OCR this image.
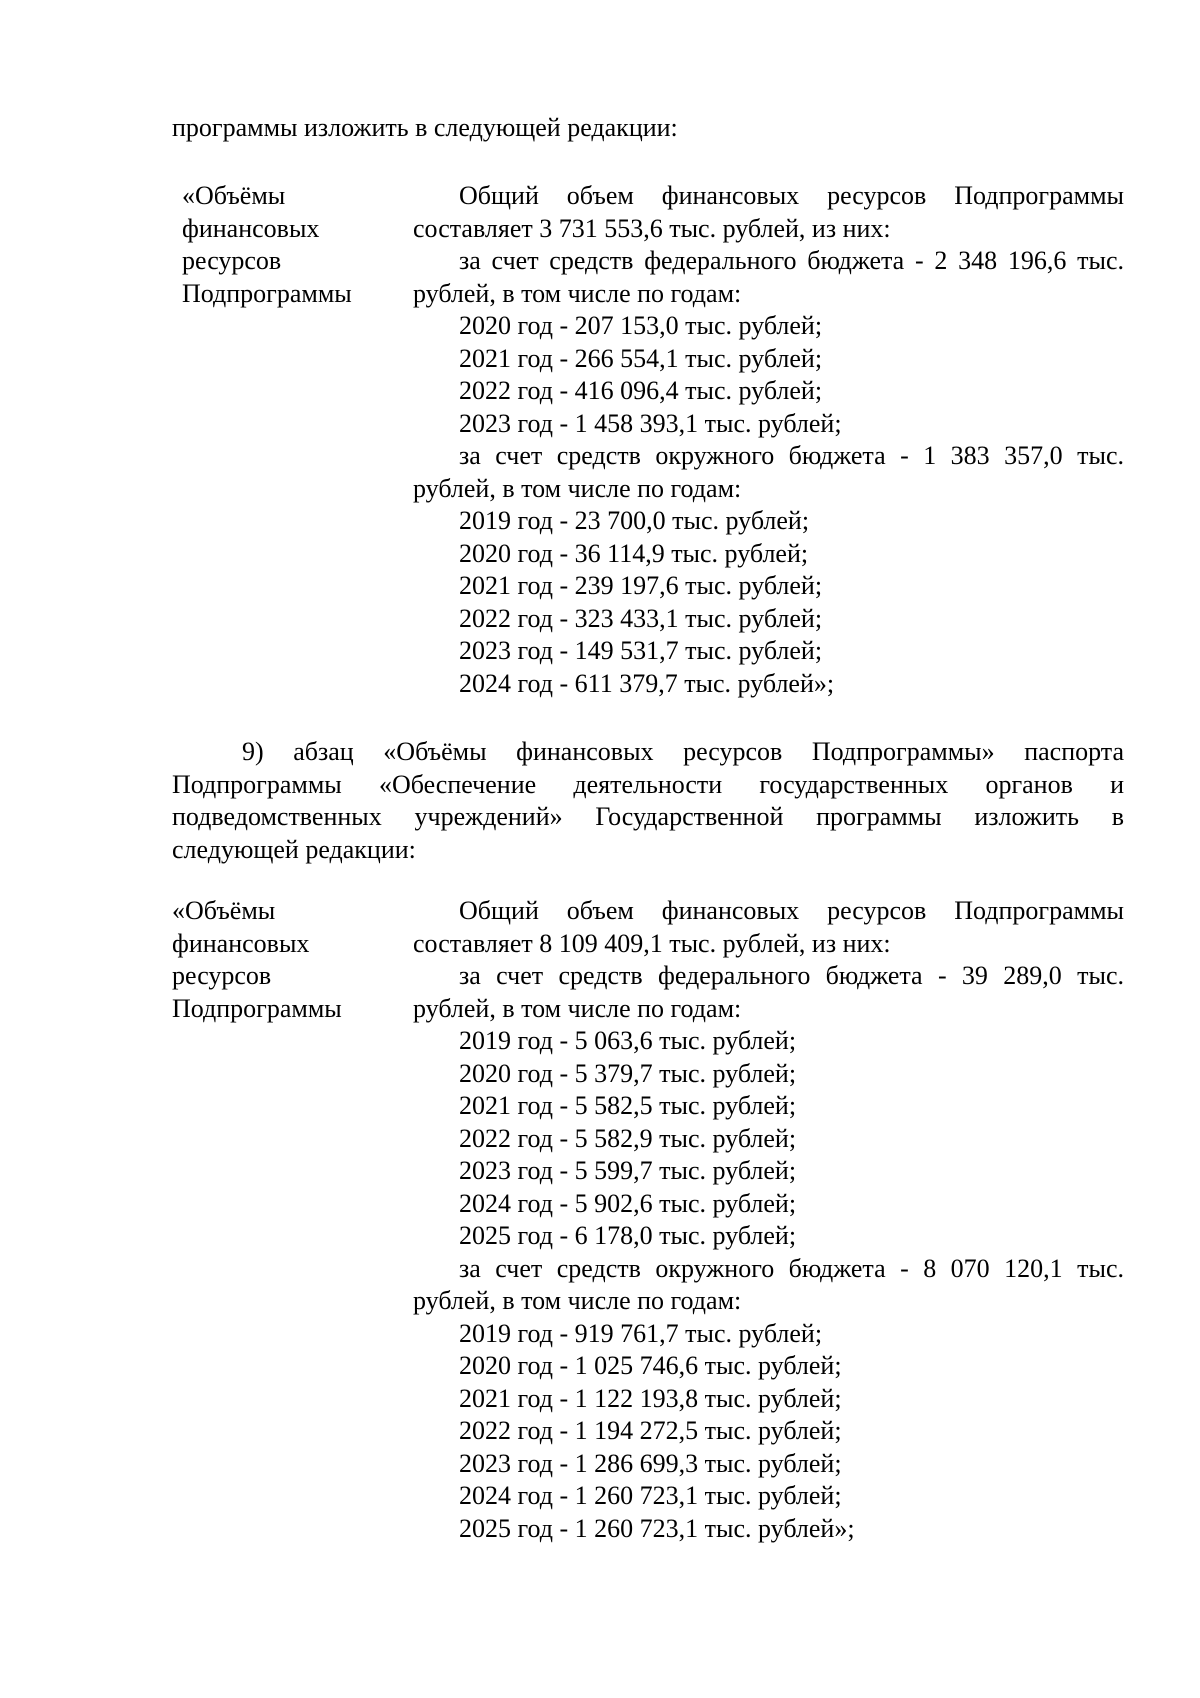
программы изложить в следующей редакции:

«Объёмы
финансовых
ресурсов
Подпрограммы

Общий объем финансовых ресурсов Подпрограммы составляет 3 731 553,6 тыс. рублей, из них:

за счет средств федерального бюджета - 2 348 196,6 тыс. рублей, в том числе по годам:

2020 год - 207 153,0 тыс. рублей;

2021 год - 266 554,1 тыс. рублей;

2022 год - 416 096,4 тыс. рублей;

2023 год - 1 458 393,1 тыс. рублей;

за счет средств окружного бюджета - 1 383 357,0 тыс. рублей, в том числе по годам:

2019 год - 23 700,0 тыс. рублей;

2020 год - 36 114,9 тыс. рублей;

2021 год - 239 197,6 тыс. рублей;

2022 год - 323 433,1 тыс. рублей;

2023 год - 149 531,7 тыс. рублей;

2024 год - 611 379,7 тыс. рублей»;

9) абзац «Объёмы финансовых ресурсов Подпрограммы» паспорта Подпрограммы «Обеспечение деятельности государственных органов и подведомственных учреждений» Государственной программы изложить в следующей редакции:

«Объёмы
финансовых
ресурсов
Подпрограммы

Общий объем финансовых ресурсов Подпрограммы составляет 8 109 409,1 тыс. рублей, из них:

за счет средств федерального бюджета - 39 289,0 тыс. рублей, в том числе по годам:

2019 год - 5 063,6 тыс. рублей;

2020 год - 5 379,7 тыс. рублей;

2021 год - 5 582,5 тыс. рублей;

2022 год - 5 582,9 тыс. рублей;

2023 год - 5 599,7 тыс. рублей;

2024 год - 5 902,6 тыс. рублей;

2025 год - 6 178,0 тыс. рублей;

за счет средств окружного бюджета - 8 070 120,1 тыс. рублей, в том числе по годам:

2019 год - 919 761,7 тыс. рублей;

2020 год - 1 025 746,6 тыс. рублей;

2021 год - 1 122 193,8 тыс. рублей;

2022 год - 1 194 272,5 тыс. рублей;

2023 год - 1 286 699,3 тыс. рублей;

2024 год - 1 260 723,1 тыс. рублей;

2025 год - 1 260 723,1 тыс. рублей»;
